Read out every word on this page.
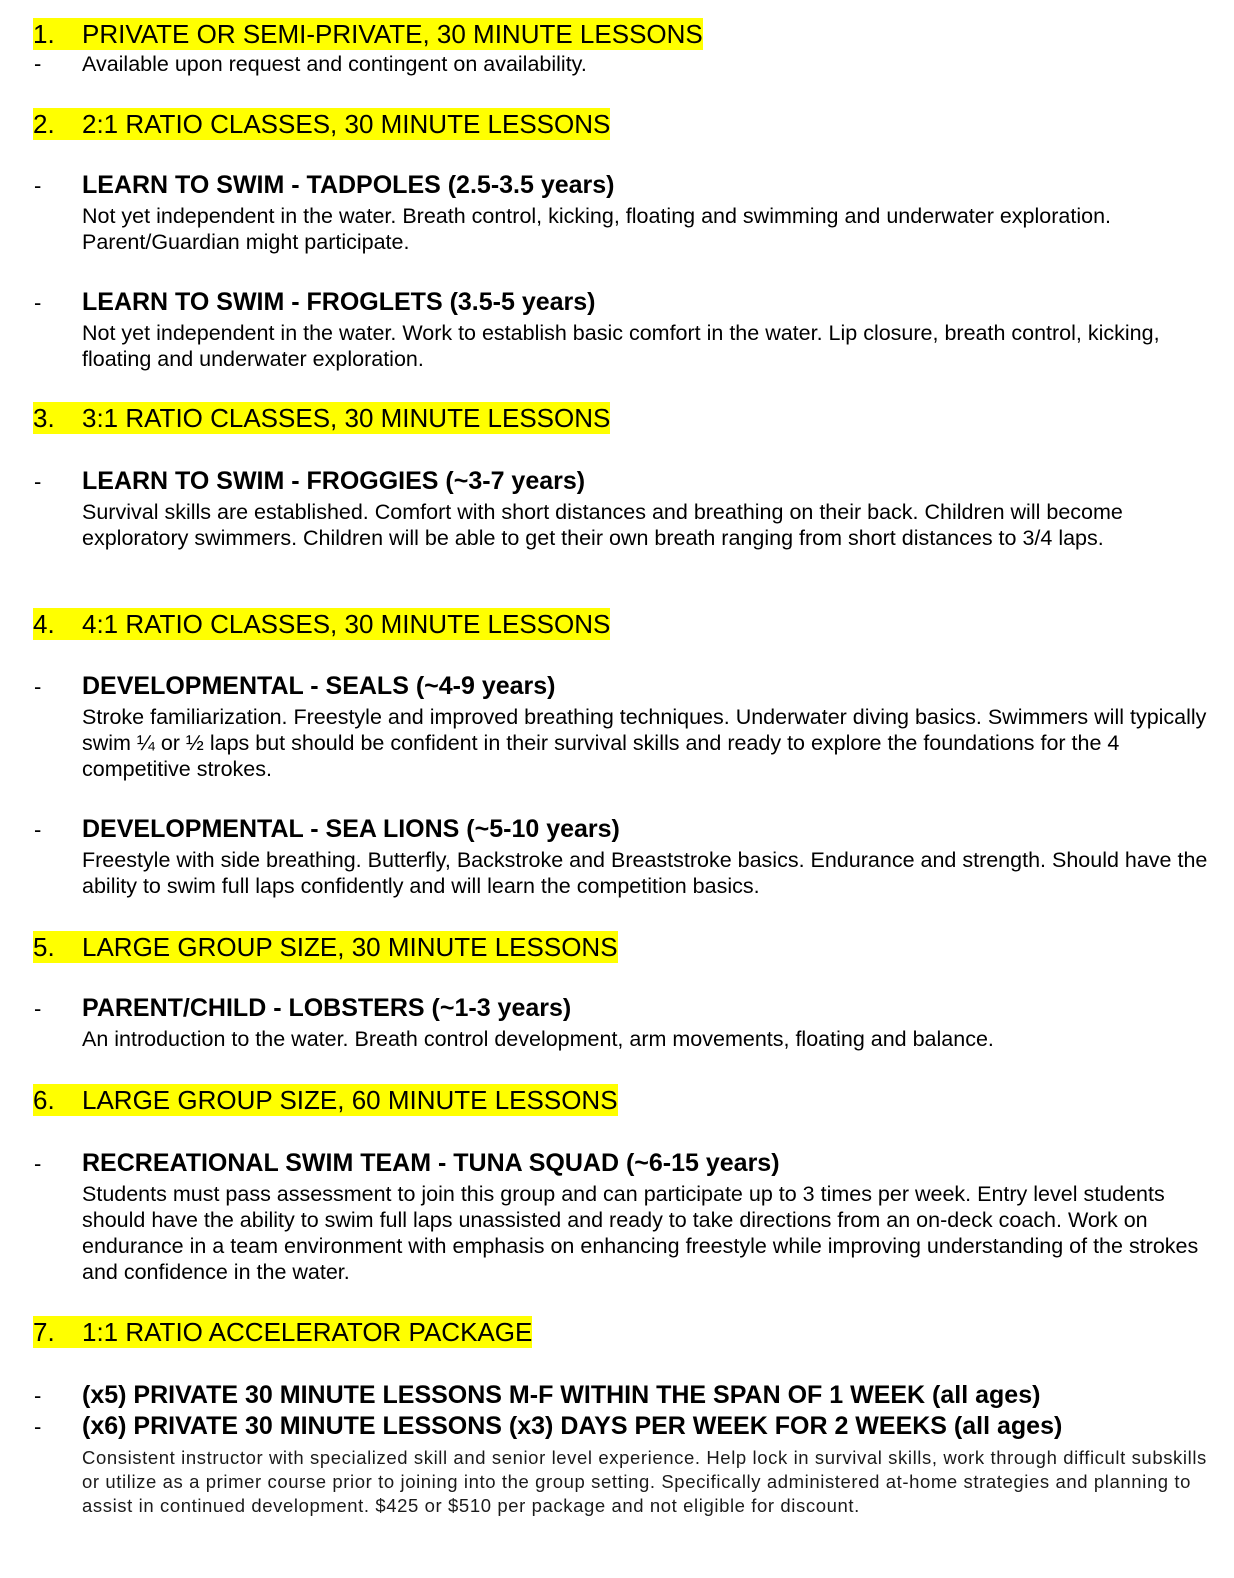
1. PRIVATE OR SEMI-PRIVATE, 30 MINUTE LESSONS
- Available upon request and contingent on availability.
2. 2:1 RATIO CLASSES, 30 MINUTE LESSONS
- LEARN TO SWIM - TADPOLES (2.5-3.5 years)
Not yet independent in the water. Breath control, kicking, floating and swimming and underwater exploration. Parent/Guardian might participate.
- LEARN TO SWIM - FROGLETS (3.5-5 years)
Not yet independent in the water. Work to establish basic comfort in the water. Lip closure, breath control, kicking, floating and underwater exploration.
3. 3:1 RATIO CLASSES, 30 MINUTE LESSONS
- LEARN TO SWIM - FROGGIES (~3-7 years)
Survival skills are established. Comfort with short distances and breathing on their back. Children will become exploratory swimmers. Children will be able to get their own breath ranging from short distances to 3/4 laps.
4. 4:1 RATIO CLASSES, 30 MINUTE LESSONS
- DEVELOPMENTAL - SEALS (~4-9 years)
Stroke familiarization. Freestyle and improved breathing techniques. Underwater diving basics. Swimmers will typically swim ¼ or ½ laps but should be confident in their survival skills and ready to explore the foundations for the 4 competitive strokes.
- DEVELOPMENTAL - SEA LIONS (~5-10 years)
Freestyle with side breathing. Butterfly, Backstroke and Breaststroke basics. Endurance and strength. Should have the ability to swim full laps confidently and will learn the competition basics.
5. LARGE GROUP SIZE, 30 MINUTE LESSONS
- PARENT/CHILD - LOBSTERS (~1-3 years)
An introduction to the water. Breath control development, arm movements, floating and balance.
6. LARGE GROUP SIZE, 60 MINUTE LESSONS
- RECREATIONAL SWIM TEAM - TUNA SQUAD (~6-15 years)
Students must pass assessment to join this group and can participate up to 3 times per week. Entry level students should have the ability to swim full laps unassisted and ready to take directions from an on-deck coach. Work on endurance in a team environment with emphasis on enhancing freestyle while improving understanding of the strokes and confidence in the water.
7. 1:1 RATIO ACCELERATOR PACKAGE
- (x5) PRIVATE 30 MINUTE LESSONS M-F WITHIN THE SPAN OF 1 WEEK (all ages)
- (x6) PRIVATE 30 MINUTE LESSONS (x3) DAYS PER WEEK FOR 2 WEEKS (all ages)
Consistent instructor with specialized skill and senior level experience. Help lock in survival skills, work through difficult subskills or utilize as a primer course prior to joining into the group setting. Specifically administered at-home strategies and planning to assist in continued development. $425 or $510 per package and not eligible for discount.
